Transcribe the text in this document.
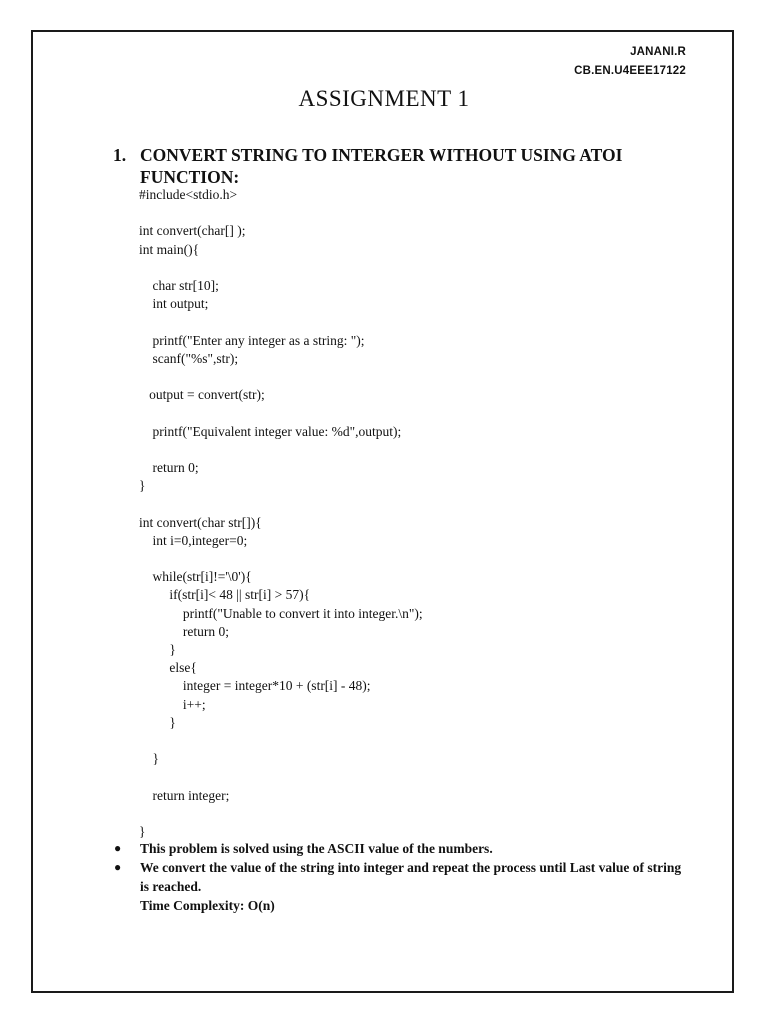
JANANI.R
CB.EN.U4EEE17122
ASSIGNMENT 1
1. CONVERT STRING TO INTERGER WITHOUT USING ATOI FUNCTION:
#include<stdio.h>

int convert(char[] );
int main(){

char str[10];
int output;

printf("Enter any integer as a string: ");
scanf("%s",str);

output = convert(str);

printf("Equivalent integer value: %d",output);

return 0;
}

int convert(char str[]){
int i=0,integer=0;

while(str[i]!='\0'){
if(str[i]< 48 || str[i] > 57){
printf("Unable to convert it into integer.\n");
return 0;
}
else{
integer = integer*10 + (str[i] - 48);
i++;
}

}

return integer;

}
● This problem is solved using the ASCII value of the numbers.
● We convert the value of the string into integer and repeat the process until Last value of string is reached.
Time Complexity: O(n)
